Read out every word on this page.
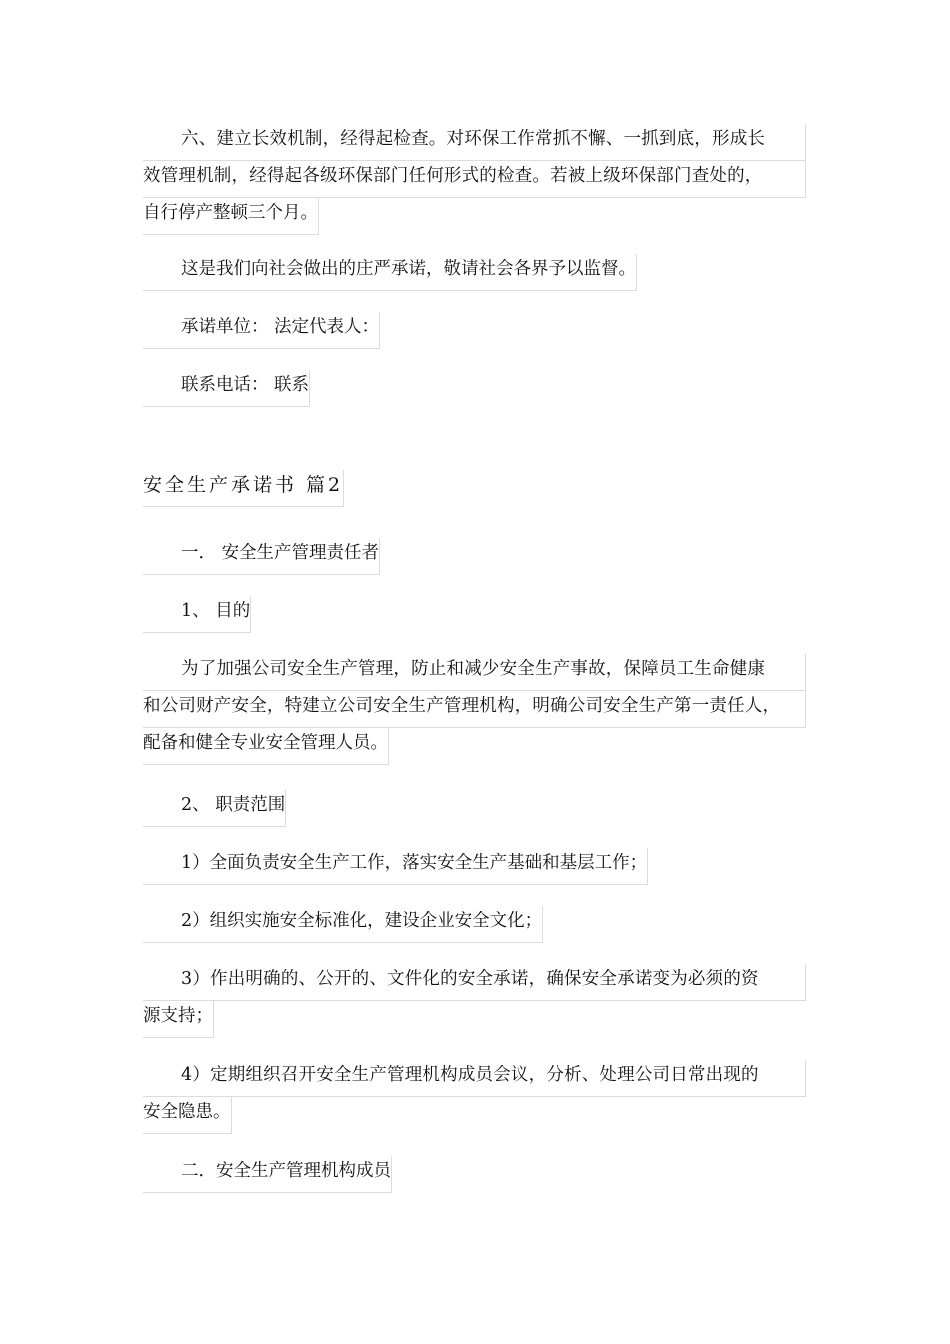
六、建立长效机制，经得起检查。对环保工作常抓不懈、一抓到底，形成长
效管理机制，经得起各级环保部门任何形式的检查。若被上级环保部门查处的，
自行停产整顿三个月。
这是我们向社会做出的庄严承诺，敬请社会各界予以监督。
承诺单位： 法定代表人：
联系电话： 联系
安全生产承诺书 篇2
一． 安全生产管理责任者
1、 目的
为了加强公司安全生产管理，防止和减少安全生产事故，保障员工生命健康
和公司财产安全，特建立公司安全生产管理机构，明确公司安全生产第一责任人，
配备和健全专业安全管理人员。
2、 职责范围
1）全面负责安全生产工作，落实安全生产基础和基层工作；
2）组织实施安全标准化，建设企业安全文化；
3）作出明确的、公开的、文件化的安全承诺，确保安全承诺变为必须的资
源支持；
4）定期组织召开安全生产管理机构成员会议，分析、处理公司日常出现的
安全隐患。
二．安全生产管理机构成员
